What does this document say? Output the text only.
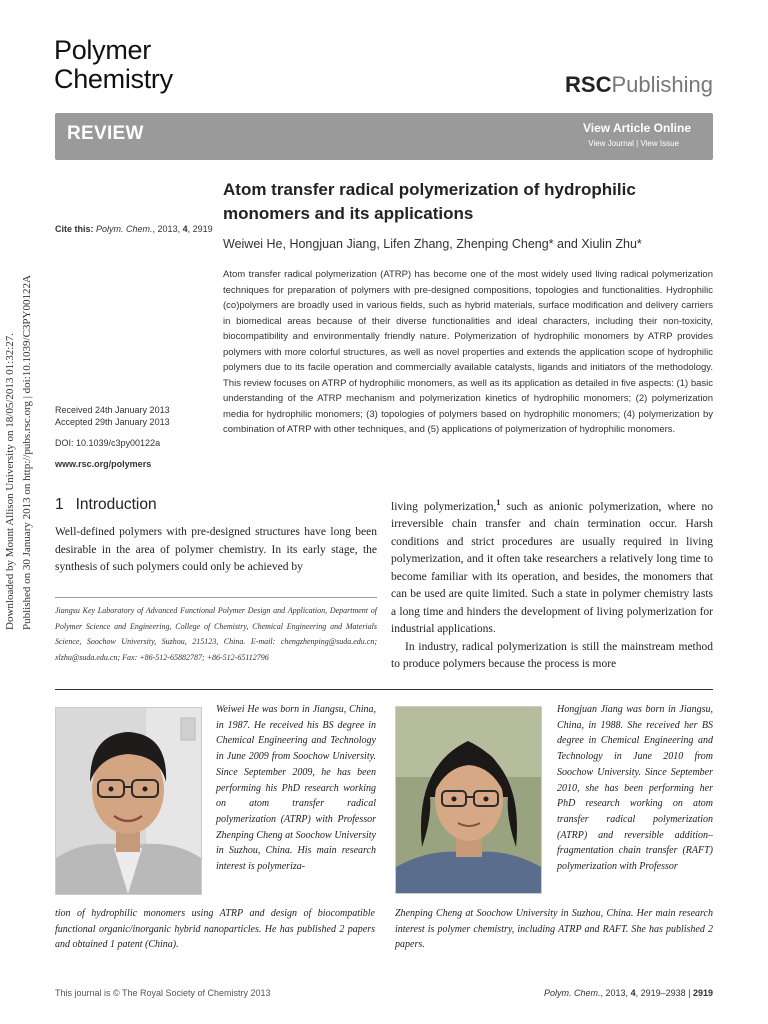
Downloaded by Mount Allison University on 18/05/2013 01:32:27. Published on 30 January 2013 on http://pubs.rsc.org | doi:10.1039/C3PY00122A
Polymer
Chemistry	RSCPublishing
REVIEW	View Article Online
View Journal | View Issue
Atom transfer radical polymerization of hydrophilic monomers and its applications
Cite this: Polym. Chem., 2013, 4, 2919
Weiwei He, Hongjuan Jiang, Lifen Zhang, Zhenping Cheng* and Xiulin Zhu*
Atom transfer radical polymerization (ATRP) has become one of the most widely used living radical polymerization techniques for preparation of polymers with pre-designed compositions, topologies and functionalities. Hydrophilic (co)polymers are broadly used in various fields, such as hybrid materials, surface modification and delivery carriers in biomedical areas because of their diverse functionalities and ideal characters, including their non-toxicity, biocompatibility and environmentally friendly nature. Polymerization of hydrophilic monomers by ATRP provides polymers with more colorful structures, as well as novel properties and extends the application scope of hydrophilic polymers due to its facile operation and commercially available catalysts, ligands and initiators of the methodology. This review focuses on ATRP of hydrophilic monomers, as well as its application as detailed in five aspects: (1) basic understanding of the ATRP mechanism and polymerization kinetics of hydrophilic monomers; (2) polymerization media for hydrophilic monomers; (3) topologies of polymers based on hydrophilic monomers; (4) polymerization by combination of ATRP with other techniques, and (5) applications of polymerization of hydrophilic monomers.
Received 24th January 2013
Accepted 29th January 2013
DOI: 10.1039/c3py00122a
www.rsc.org/polymers
1 Introduction

Well-defined polymers with pre-designed structures have long been desirable in the area of polymer chemistry. In its early stage, the synthesis of such polymers could only be achieved by

living polymerization,$^1$ such as anionic polymerization, where no irreversible chain transfer and chain termination occur. Harsh conditions and strict procedures are usually required in living polymerization, and it often take researchers a relatively long time to become familiar with its operation, and besides, the monomers that can be used are quite limited. Such a state in polymer chemistry lasts a long time and hinders the development of living polymerization for industrial applications.

In industry, radical polymerization is still the mainstream method to produce polymers because the process is more

Jiangsu Key Laboratory of Advanced Functional Polymer Design and Application, Department of Polymer Science and Engineering, College of Chemistry, Chemical Engineering and Materials Science, Soochow University, Suzhou, 215123, China. E-mail: chengzhenping@suda.edu.cn; xlzhu@suda.edu.cn; Fax: +86-512-65882787; +86-512-65112796
Weiwei He was born in Jiangsu, China, in 1987. He received his BS degree in Chemical Engineering and Technology in June 2009 from Soochow University. Since September 2009, he has been performing his PhD research working on atom transfer radical polymerization (ATRP) with Professor Zhenping Cheng at Soochow University in Suzhou, China. His main research interest is polymeriza-
tion of hydrophilic monomers using ATRP and design of biocompatible functional organic/inorganic hybrid nanoparticles. He has published 2 papers and obtained 1 patent (China).
Hongjuan Jiang was born in Jiangsu, China, in 1988. She received her BS degree in Chemical Engineering and Technology in June 2010 from Soochow University. Since September 2010, she has been performing her PhD research working on atom transfer radical polymerization (ATRP) and reversible addition–fragmentation chain transfer (RAFT) polymerization with Professor
Zhenping Cheng at Soochow University in Suzhou, China. Her main research interest is polymer chemistry, including ATRP and RAFT. She has published 2 papers.
This journal is © The Royal Society of Chemistry 2013	Polym. Chem., 2013, 4, 2919–2938 | 2919
